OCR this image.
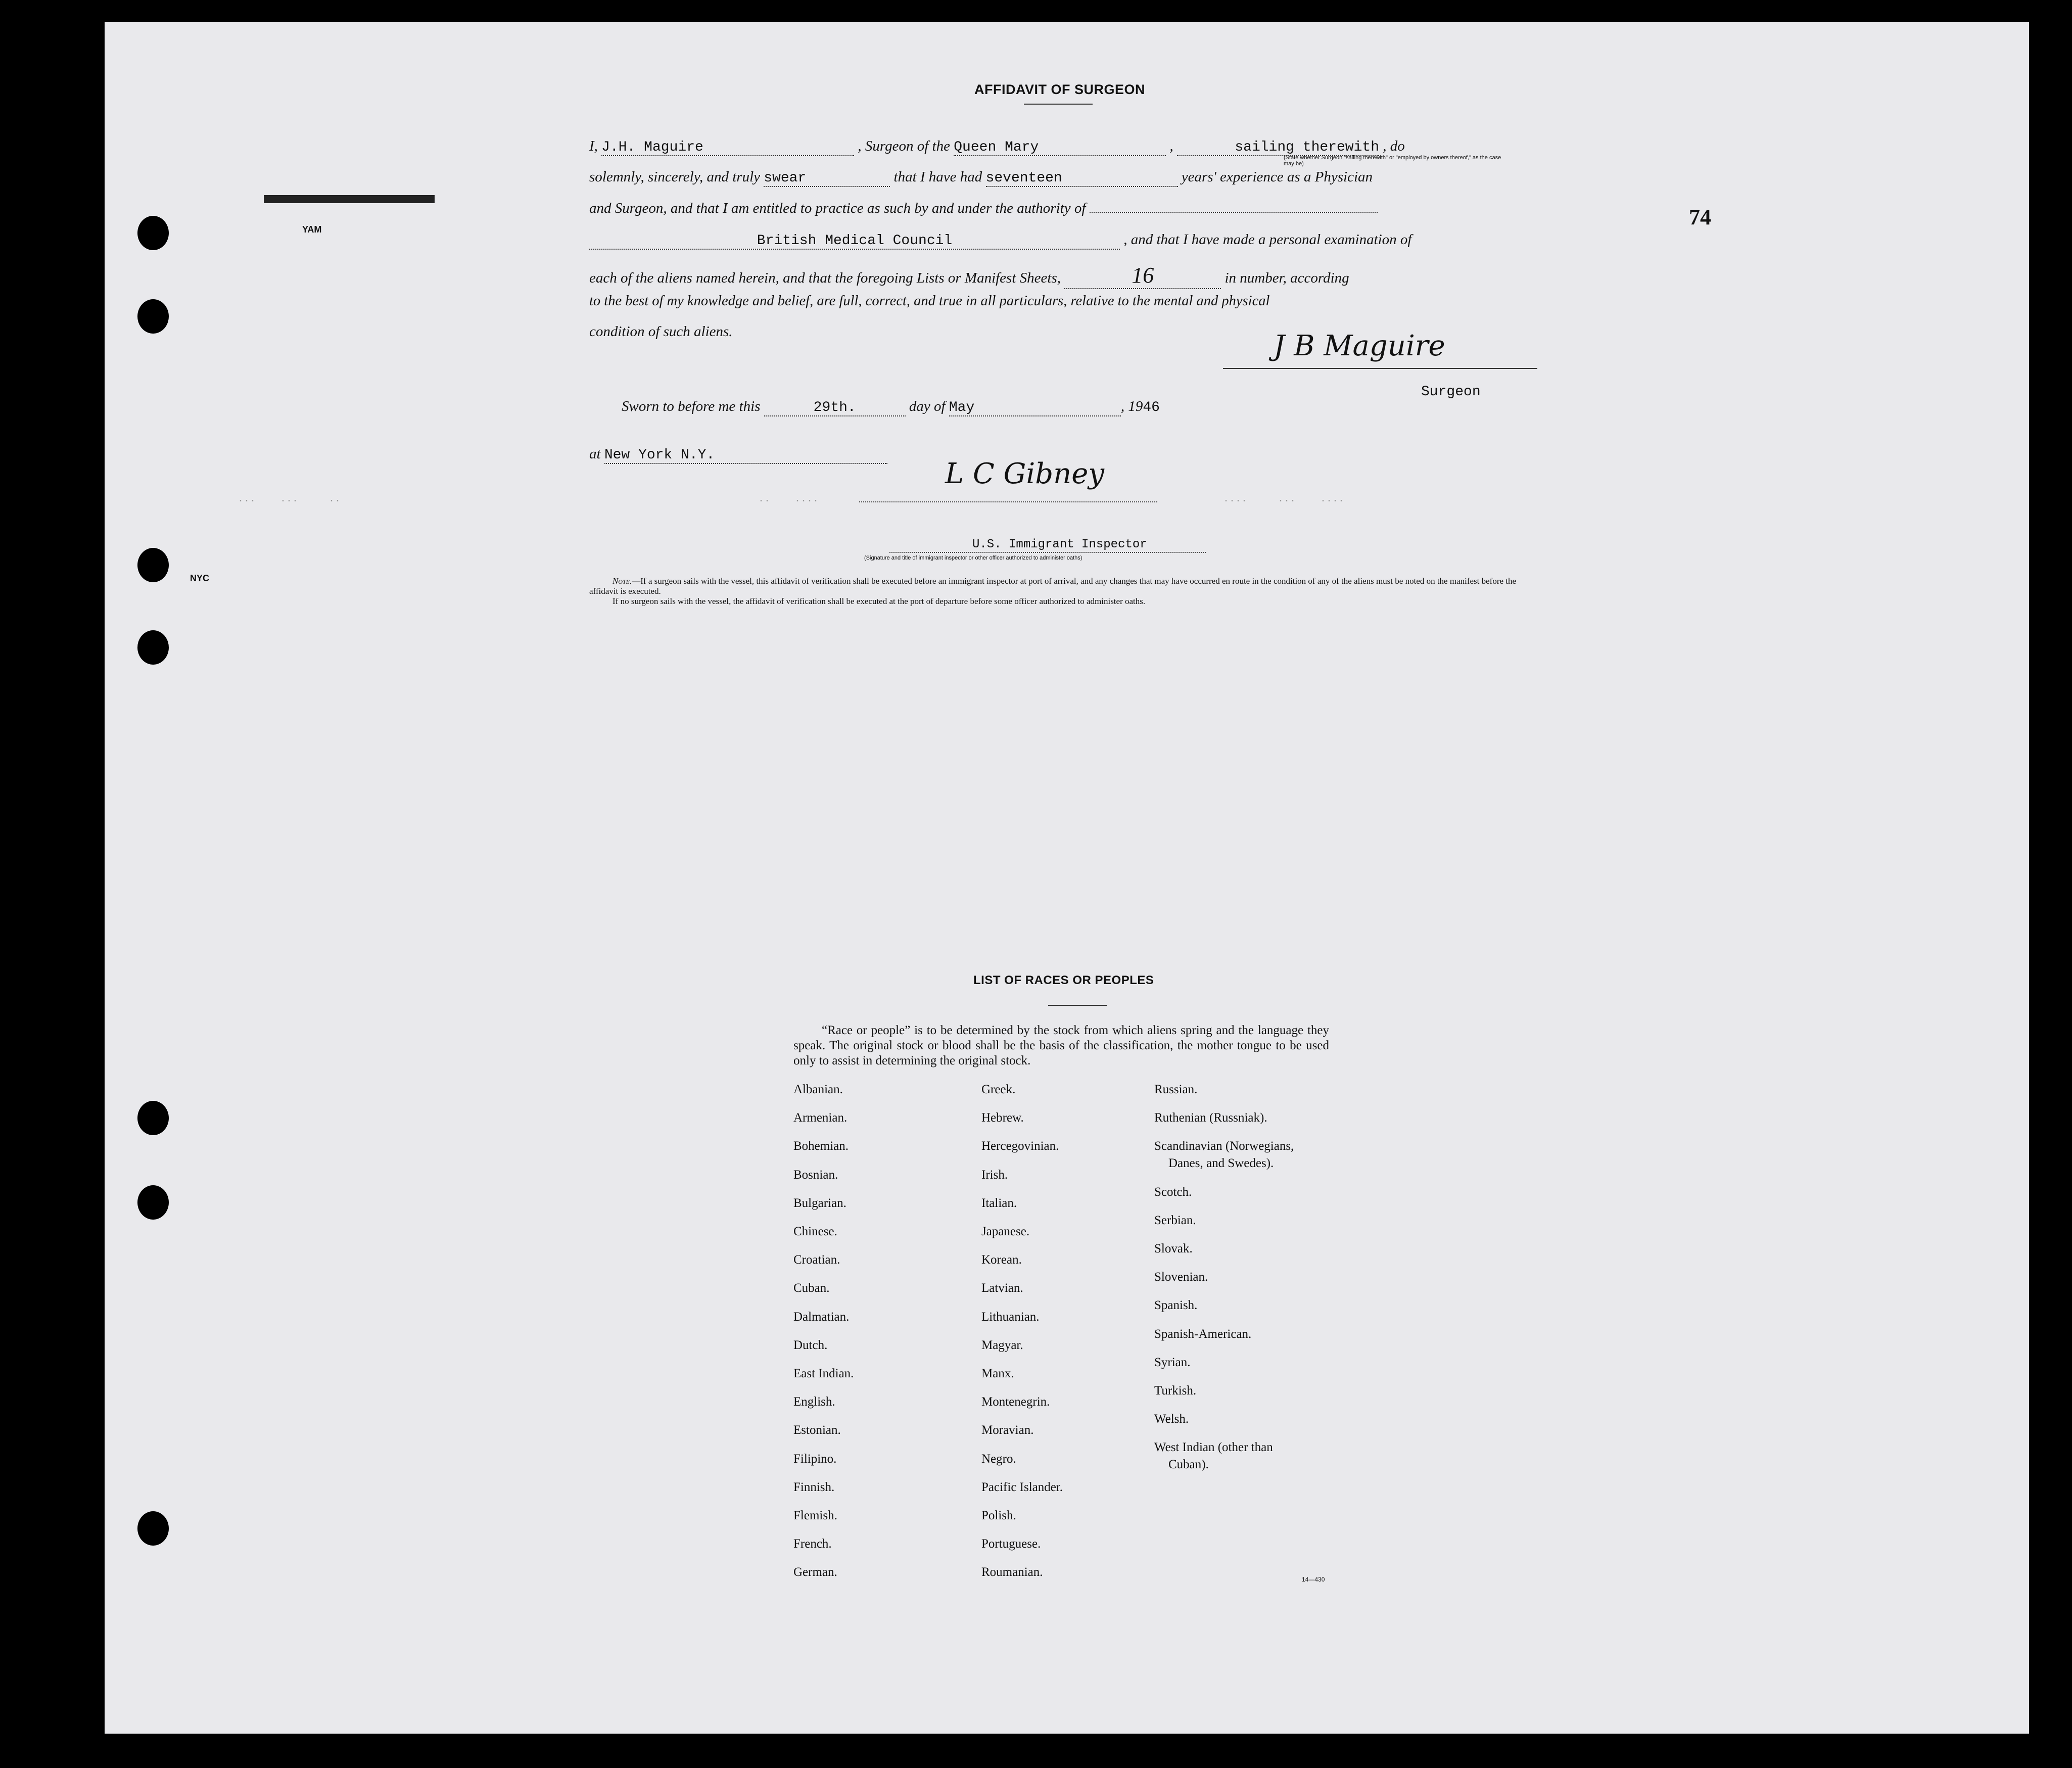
YAM
NYC
74
AFFIDAVIT OF SURGEON
I, J.H. Maguire	, Surgeon of the Queen Mary	,	sailing therewith , do
(State whether Surgeon "sailing therewith" or "employed by owners thereof," as the case may be)
solemnly, sincerely, and truly swear	that I have had seventeen	years' experience as a Physician
and Surgeon, and that I am entitled to practice as such by and under the authority of
British Medical Council	, and that I have made a personal examination of
each of the aliens named herein, and that the foregoing Lists or Manifest Sheets,	16	in number, according
to the best of my knowledge and belief, are full, correct, and true in all particulars, relative to the mental and physical
condition of such aliens.	J B Maguire
Surgeon
Sworn to before me this	29th.	day of May	, 1946
at New York N.Y.
L C Gibney
U.S. Immigrant Inspector
(Signature and title of immigrant inspector or other officer authorized to administer oaths)
···    ···     ··	··    ····	····     ···    ····
Note.—If a surgeon sails with the vessel, this affidavit of verification shall be executed before an immigrant inspector at port of arrival, and any changes that may have occurred en route in the condition of any of the aliens must be noted on the manifest before the affidavit is executed.
If no surgeon sails with the vessel, the affidavit of verification shall be executed at the port of departure before some officer authorized to administer oaths.
LIST OF RACES OR PEOPLES
“Race or people” is to be determined by the stock from which aliens spring and the language they speak. The original stock or blood shall be the basis of the classification, the mother tongue to be used only to assist in determining the original stock.
Albanian.
Armenian.
Bohemian.
Bosnian.
Bulgarian.
Chinese.
Croatian.
Cuban.
Dalmatian.
Dutch.
East Indian.
English.
Estonian.
Filipino.
Finnish.
Flemish.
French.
German.
Greek.
Hebrew.
Hercegovinian.
Irish.
Italian.
Japanese.
Korean.
Latvian.
Lithuanian.
Magyar.
Manx.
Montenegrin.
Moravian.
Negro.
Pacific Islander.
Polish.
Portuguese.
Roumanian.
Russian.
Ruthenian (Russniak).
Scandinavian (Norwegians,
Danes, and Swedes).
Scotch.
Serbian.
Slovak.
Slovenian.
Spanish.
Spanish-American.
Syrian.
Turkish.
Welsh.
West Indian (other than
Cuban).
14—430
